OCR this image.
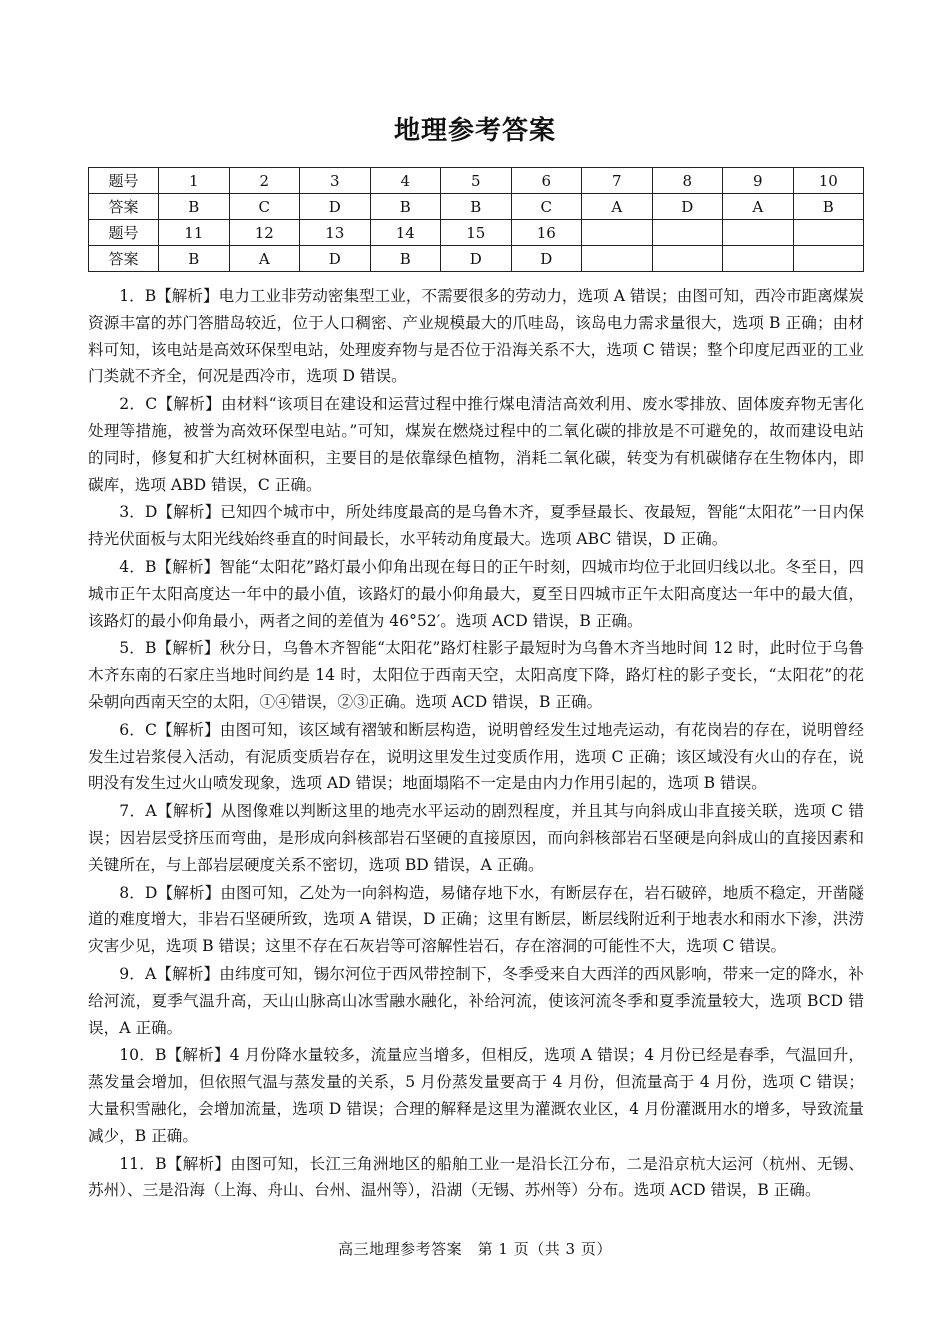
地理参考答案
题号	1	2	3	4	5	6	7	8	9	10
答案	B	C	D	B	B	C	A	D	A	B
题号	11	12	13	14	15	16				
答案	B	A	D	B	D	D				

1．B【解析】电力工业非劳动密集型工业，不需要很多的劳动力，选项 A 错误；由图可知，西冷市距离煤炭资源丰富的苏门答腊岛较近，位于人口稠密、产业规模最大的爪哇岛，该岛电力需求量很大，选项 B 正确；由材料可知，该电站是高效环保型电站，处理废弃物与是否位于沿海关系不大，选项 C 错误；整个印度尼西亚的工业门类就不齐全，何况是西冷市，选项 D 错误。

2．C【解析】由材料“该项目在建设和运营过程中推行煤电清洁高效利用、废水零排放、固体废弃物无害化处理等措施，被誉为高效环保型电站。”可知，煤炭在燃烧过程中的二氧化碳的排放是不可避免的，故而建设电站的同时，修复和扩大红树林面积，主要目的是依靠绿色植物，消耗二氧化碳，转变为有机碳储存在生物体内，即碳库，选项 ABD 错误，C 正确。

3．D【解析】已知四个城市中，所处纬度最高的是乌鲁木齐，夏季昼最长、夜最短，智能“太阳花”一日内保持光伏面板与太阳光线始终垂直的时间最长，水平转动角度最大。选项 ABC 错误，D 正确。

4．B【解析】智能“太阳花”路灯最小仰角出现在每日的正午时刻，四城市均位于北回归线以北。冬至日，四城市正午太阳高度达一年中的最小值，该路灯的最小仰角最大，夏至日四城市正午太阳高度达一年中的最大值，该路灯的最小仰角最小，两者之间的差值为 46°52′。选项 ACD 错误，B 正确。

5．B【解析】秋分日，乌鲁木齐智能“太阳花”路灯柱影子最短时为乌鲁木齐当地时间 12 时，此时位于乌鲁木齐东南的石家庄当地时间约是 14 时，太阳位于西南天空，太阳高度下降，路灯柱的影子变长，“太阳花”的花朵朝向西南天空的太阳，①④错误，②③正确。选项 ACD 错误，B 正确。

6．C【解析】由图可知，该区域有褶皱和断层构造，说明曾经发生过地壳运动，有花岗岩的存在，说明曾经发生过岩浆侵入活动，有泥质变质岩存在，说明这里发生过变质作用，选项 C 正确；该区域没有火山的存在，说明没有发生过火山喷发现象，选项 AD 错误；地面塌陷不一定是由内力作用引起的，选项 B 错误。

7．A【解析】从图像难以判断这里的地壳水平运动的剧烈程度，并且其与向斜成山非直接关联，选项 C 错误；因岩层受挤压而弯曲，是形成向斜核部岩石坚硬的直接原因，而向斜核部岩石坚硬是向斜成山的直接因素和关键所在，与上部岩层硬度关系不密切，选项 BD 错误，A 正确。

8．D【解析】由图可知，乙处为一向斜构造，易储存地下水，有断层存在，岩石破碎，地质不稳定，开凿隧道的难度增大，非岩石坚硬所致，选项 A 错误，D 正确；这里有断层，断层线附近利于地表水和雨水下渗，洪涝灾害少见，选项 B 错误；这里不存在石灰岩等可溶解性岩石，存在溶洞的可能性不大，选项 C 错误。

9．A【解析】由纬度可知，锡尔河位于西风带控制下，冬季受来自大西洋的西风影响，带来一定的降水，补给河流，夏季气温升高，天山山脉高山冰雪融水融化，补给河流，使该河流冬季和夏季流量较大，选项 BCD 错误，A 正确。

10．B【解析】4 月份降水量较多，流量应当增多，但相反，选项 A 错误；4 月份已经是春季，气温回升，蒸发量会增加，但依照气温与蒸发量的关系，5 月份蒸发量要高于 4 月份，但流量高于 4 月份，选项 C 错误；大量积雪融化，会增加流量，选项 D 错误；合理的解释是这里为灌溉农业区，4 月份灌溉用水的增多，导致流量减少，B 正确。

11．B【解析】由图可知，长江三角洲地区的船舶工业一是沿长江分布，二是沿京杭大运河（杭州、无锡、苏州）、三是沿海（上海、舟山、台州、温州等），沿湖（无锡、苏州等）分布。选项 ACD 错误，B 正确。

高三地理参考答案　第 1 页（共 3 页）
